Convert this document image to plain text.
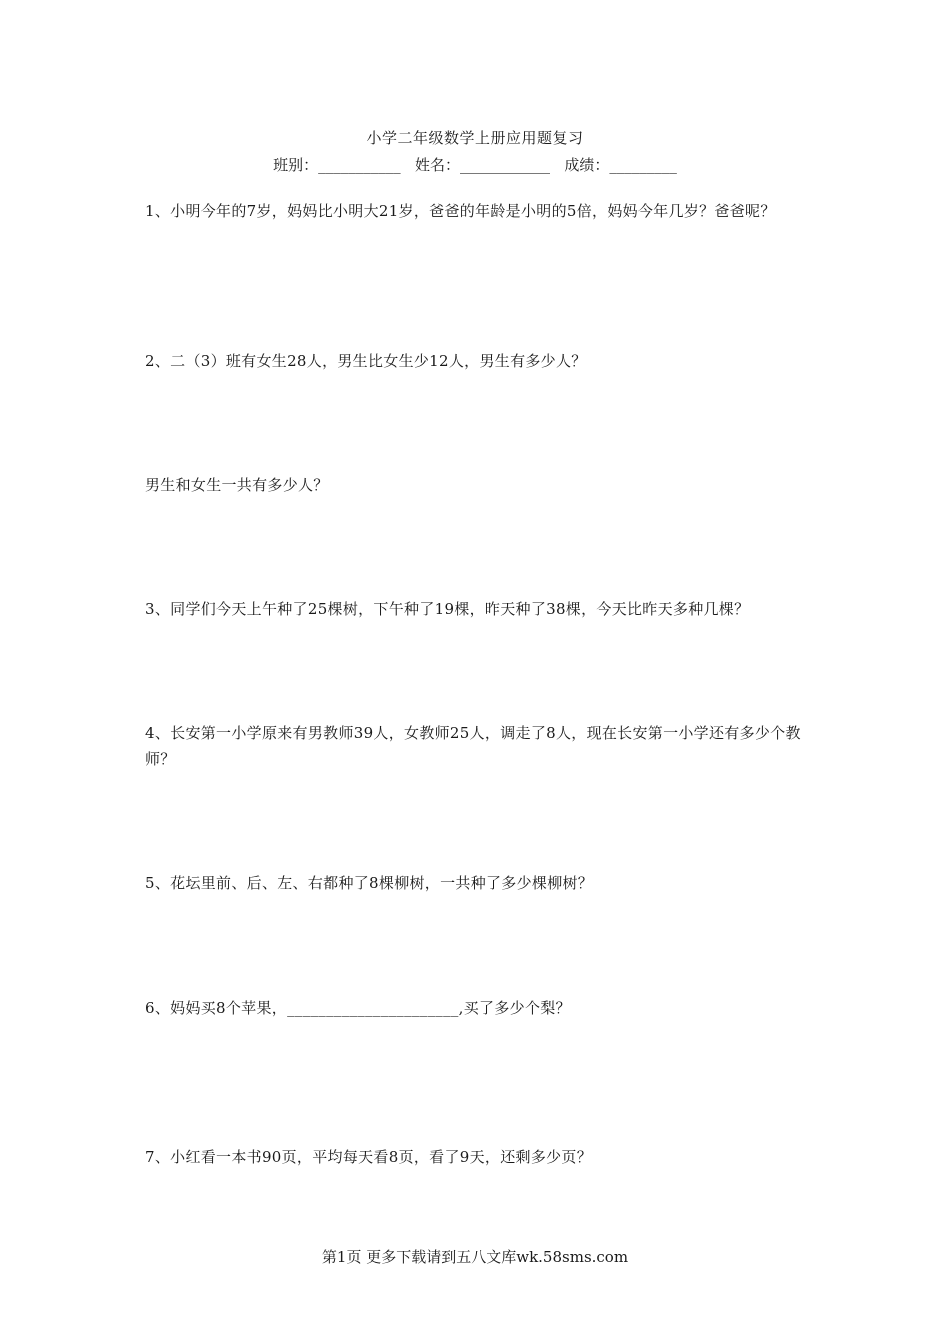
小学二年级数学上册应用题复习
班别：___________ 姓名：____________ 成绩：_________
1、小明今年的7岁，妈妈比小明大21岁，爸爸的年龄是小明的5倍，妈妈今年几岁？爸爸呢？
2、二（3）班有女生28人，男生比女生少12人，男生有多少人？
男生和女生一共有多少人？
3、同学们今天上午种了25棵树，下午种了19棵，昨天种了38棵，今天比昨天多种几棵？
4、长安第一小学原来有男教师39人，女教师25人，调走了8人，现在长安第一小学还有多少个教师？
5、花坛里前、后、左、右都种了8棵柳树，一共种了多少棵柳树？
6、妈妈买8个苹果，______________________,买了多少个梨？
7、小红看一本书90页，平均每天看8页，看了9天，还剩多少页？
第1页 更多下载请到五八文库wk.58sms.com
